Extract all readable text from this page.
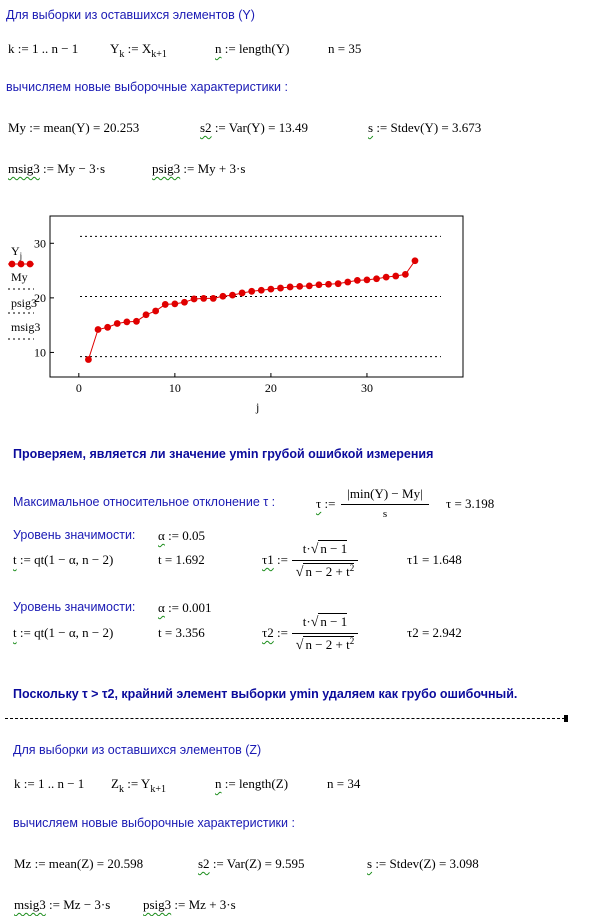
Для выборки из оставшихся элементов (Y)
k := 1 .. n − 1 $Y_k$ := $X_{k+1}$	n := length(Y)	n = 35
вычисляем новые выборочные характеристики :
My := mean(Y) = 20.253	s2 := Var(Y) = 13.49	s := Stdev(Y) = 3.673
msig3 := My − 3·s	psig3 := My + 3·s
0	10	20	30
10
20
30
$Y_j$
My
psig3
msig3
j
Проверяем, является ли значение ymin грубой ошибкой измерения
Максимальное относительное отклонение τ :	τ :=
|min(Y) − My|
s
τ = 3.198
Уровень значимости: α := 0.05
t := qt(1 − α, n − 2)	t = 1.692	τ1 :=
t·√ n − 1
√ $n - 2 + t^2$
τ1 = 1.648
Уровень значимости: α := 0.001
t := qt(1 − α, n − 2)	t = 3.356	τ2 :=
t·√ n − 1
√ $n - 2 + t^2$
τ2 = 2.942
Поскольку τ > τ2, крайний элемент выборки ymin удаляем как грубо ошибочный.
Для выборки из оставшихся элементов (Z)
k := 1 .. n − 1 $Z_k$ := $Y_{k+1}$	n := length(Z)	n = 34
вычисляем новые выборочные характеристики :
Mz := mean(Z) = 20.598	s2 := Var(Z) = 9.595	s := Stdev(Z) = 3.098
msig3 := Mz − 3·s	psig3 := Mz + 3·s
